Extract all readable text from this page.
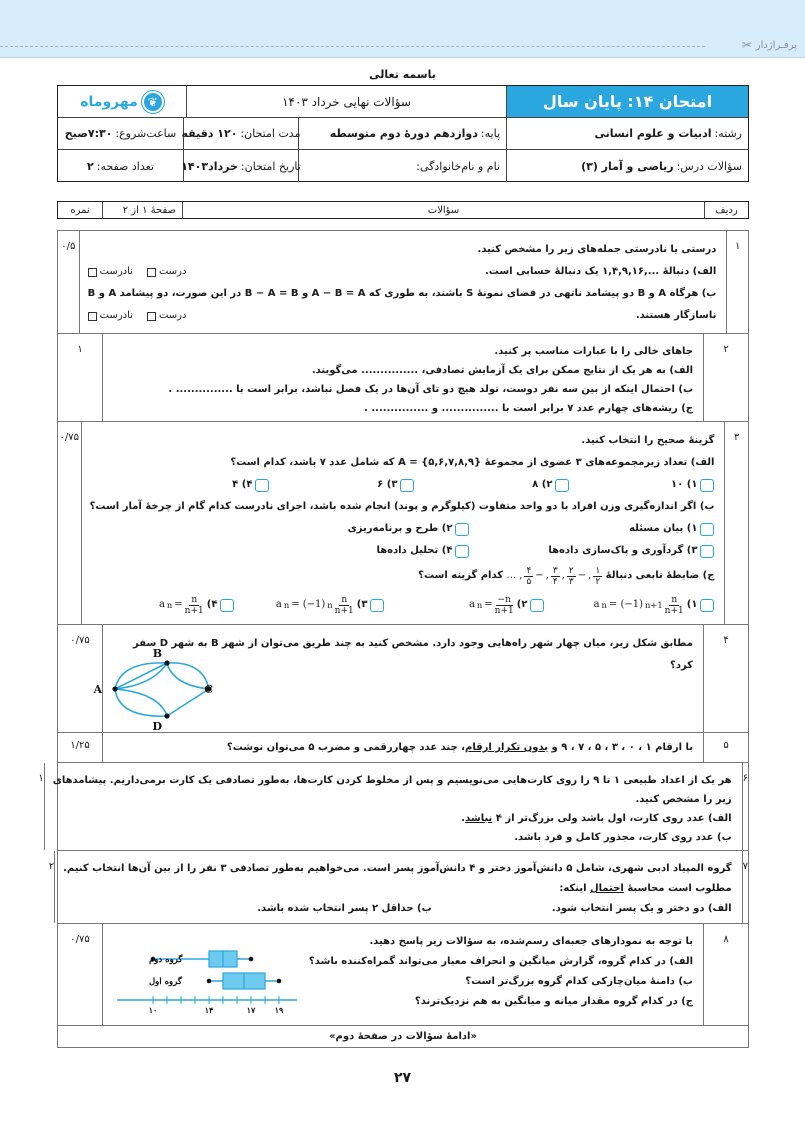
پرفـراژدار
✂
باسمه تعالی
امتحان ۱۴: پایان سال
سؤالات نهایی خرداد ۱۴۰۳
❦
مهروماه
رشته:
ادبیات و علوم انسانی
پایه:
دوازدهم دورهٔ دوم متوسطه
مدت امتحان:
۱۲۰ دقیقه
ساعت‌شروع:
۷:۳۰صبح
سؤالات درس:
ریاضی و آمار (۳)
نام و نام‌خانوادگی:
تاریخ امتحان:
خرداد۱۴۰۳
تعداد صفحه:
۲
ردیف
سؤالات
صفحهٔ ۱ از ۲
نمره
۱
درستی یا نادرستی جمله‌های زیر را مشخص کنید.
الف) دنبالهٔ ...,۱,۴,۹,۱۶ یک دنبالهٔ حسابی است.
درست
نادرست
ب) هرگاه A و B دو پیشامد ناتهی در فضای نمونهٔ S باشند، به طوری که A − B = A و B − A = B در این صورت، دو پیشامد A و B
ناسازگار هستند.
درست
نادرست
۰/۵
۲
جاهای خالی را با عبارات مناسب پر کنید.
الف) به هر یک از نتایج ممکن برای یک آزمایش تصادفی، ............... می‌گویند.
ب) احتمال اینکه از بین سه نفر دوست، تولد هیچ دو تای آن‌ها در یک فصل نباشد، برابر است با ............... .
ج) ریشه‌های چهارم عدد ۷ برابر است با ............... و ............... .
۱
۳
گزینهٔ صحیح را انتخاب کنید.
الف) تعداد زیرمجموعه‌های ۳ عضوی از مجموعهٔ A = {۵,۶,۷,۸,۹} که شامل عدد ۷ باشد، کدام است؟
۱) ۱۰
۲) ۸
۳) ۶
۴) ۴
ب) اگر اندازه‌گیری وزن افراد با دو واحد متفاوت (کیلوگرم و پوند) انجام شده باشد، اجرای نادرست کدام گام از چرخهٔ آمار است؟
۱) بیان مسئله
۲) طرح و برنامه‌ریزی
۳) گردآوری و پاک‌سازی داده‌ها
۴) تحلیل داده‌ها
ج) ضابطهٔ تابعی دنبالهٔ

$\frac{۱}{۲}$
,
−
$\frac{۲}{۳}$
,
$\frac{۳}{۴}$
,
−
$\frac{۴}{۵}$
, ...

کدام گزینه است؟
۱)
a n = (−1) $n+1 \frac{n}{n+1}$
۲)
a $n = \frac{-n}{n+1}$
۳)
a n = (−1) n $\frac{n}{n+1}$
۴)
a $n = \frac{n}{n+1}$
۰/۷۵
۴
مطابق شکل زیر، میان چهار شهر راه‌هایی وجود دارد. مشخص کنید به چند طریق می‌توان از شهر B به شهر D سفر کرد؟
A
B
C
D
۰/۷۵
۵
با ارقام ۱ ، ۰ ، ۳ ، ۵ ، ۷ ، ۹ و بدون تکرار ارقام، چند عدد چهاررقمی و مضرب ۵ می‌توان نوشت؟
۱/۲۵
۶
هر یک از اعداد طبیعی ۱ تا ۹ را روی کارت‌هایی می‌نویسیم و پس از مخلوط کردن کارت‌ها، به‌طور تصادفی یک کارت برمی‌داریم. پیشامدهای
زیر را مشخص کنید.
الف) عدد روی کارت، اول باشد ولی بزرگ‌تر از ۴ نباشد.
ب) عدد روی کارت، مجذور کامل و فرد باشد.
۱
۷
گروه المپیاد ادبی شهری، شامل ۵ دانش‌آموز دختر و ۴ دانش‌آموز پسر است. می‌خواهیم به‌طور تصادفی ۳ نفر را از بین آن‌ها انتخاب کنیم.
مطلوب است محاسبهٔ احتمال اینکه:
الف) دو دختر و یک پسر انتخاب شود.
ب) حداقل ۲ پسر انتخاب شده باشد.
۲
۸
با توجه به نمودارهای جعبه‌ای رسم‌شده، به سؤالات زیر پاسخ دهید.
الف) در کدام گروه، گزارش میانگین و انحراف معیار می‌تواند گمراه‌کننده باشد؟
ب) دامنهٔ میان‌چارکی کدام گروه بزرگ‌تر است؟
ج) در کدام گروه مقدار میانه و میانگین به هم نزدیک‌ترند؟
۱۰	۱۴	۱۷ ۱۹
گروه دوم
گروه اول
۰/۷۵
«ادامهٔ سؤالات در صفحهٔ دوم»
۲۷
